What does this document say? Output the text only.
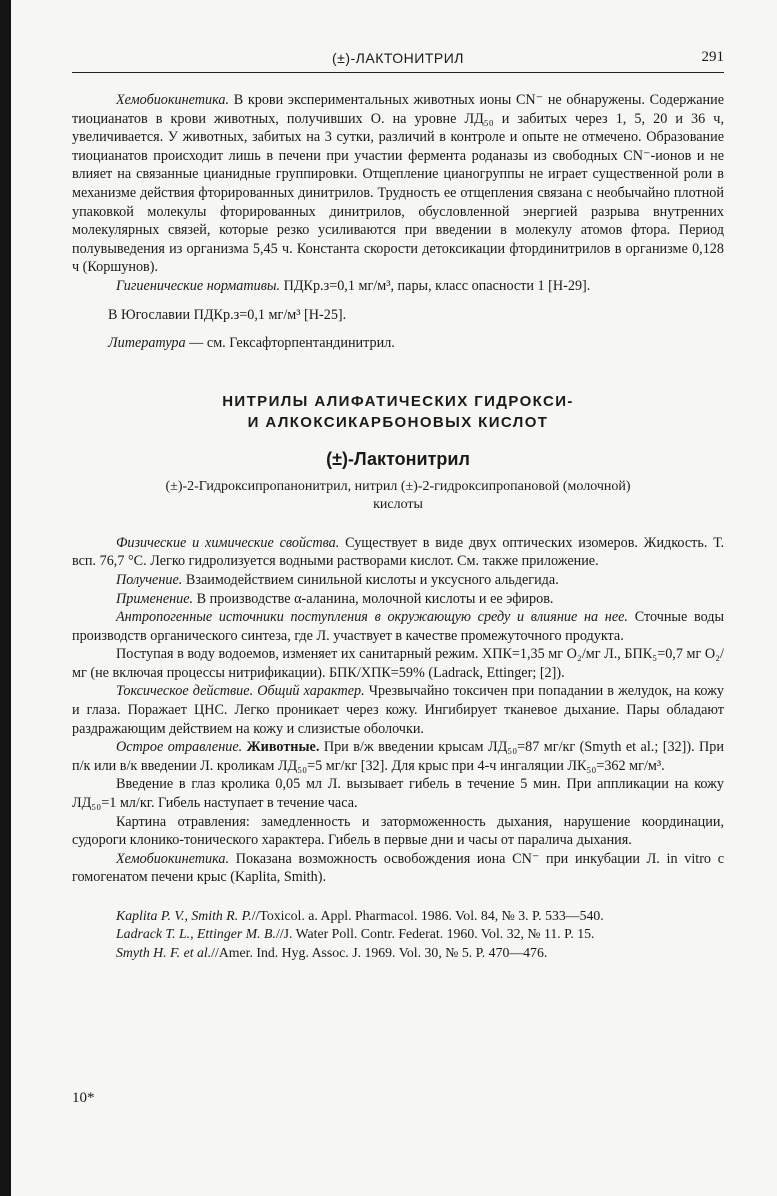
(±)-ЛАКТОНИТРИЛ	291

Хемобиокинетика. В крови экспериментальных животных ионы CN⁻ не обнаружены. Содержание тиоцианатов в крови животных, получивших О. на уровне ЛД₅₀ и забитых через 1, 5, 20 и 36 ч, увеличивается. У животных, забитых на 3 сутки, различий в контроле и опыте не отмечено. Образование тиоцианатов происходит лишь в печени при участии фермента роданазы из свободных CN⁻-ионов и не влияет на связанные цианидные группировки. Отщепление цианогруппы не играет существенной роли в механизме действия фторированных динитрилов. Трудность ее отщепления связана с необычайно плотной упаковкой молекулы фторированных динитрилов, обусловленной энергией разрыва внутренних молекулярных связей, которые резко усиливаются при введении в молекулу атомов фтора. Период полувыведения из организма 5,45 ч. Константа скорости детоксикации фтординитрилов в организме 0,128 ч (Коршунов).

Гигиенические нормативы. ПДКр.з=0,1 мг/м³, пары, класс опасности 1 [Н-29].

В Югославии ПДКр.з=0,1 мг/м³ [Н-25].

Литература — см. Гексафторпентандинитрил.

НИТРИЛЫ АЛИФАТИЧЕСКИХ ГИДРОКСИ-
И АЛКОКСИКАРБОНОВЫХ КИСЛОТ
(±)-Лактонитрил
(±)-2-Гидроксипропанонитрил, нитрил (±)-2-гидроксипропановой (молочной)
кислоты

Физические и химические свойства. Существует в виде двух оптических изомеров. Жидкость. Т. всп. 76,7 °С. Легко гидролизуется водными растворами кислот. См. также приложение.

Получение. Взаимодействием синильной кислоты и уксусного альдегида.

Применение. В производстве α-аланина, молочной кислоты и ее эфиров.

Антропогенные источники поступления в окружающую среду и влияние на нее. Сточные воды производств органического синтеза, где Л. участвует в качестве промежуточного продукта.

Поступая в воду водоемов, изменяет их санитарный режим. ХПК=1,35 мг O₂/мг Л., БПК₅=0,7 мг O₂/мг (не включая процессы нитрификации). БПК/ХПК=59% (Ladrack, Ettinger; [2]).

Токсическое действие. Общий характер. Чрезвычайно токсичен при попадании в желудок, на кожу и глаза. Поражает ЦНС. Легко проникает через кожу. Ингибирует тканевое дыхание. Пары обладают раздражающим действием на кожу и слизистые оболочки.

Острое отравление. Животные. При в/ж введении крысам ЛД₅₀=87 мг/кг (Smyth et al.; [32]). При п/к или в/к введении Л. кроликам ЛД₅₀=5 мг/кг [32]. Для крыс при 4-ч ингаляции ЛК₅₀=362 мг/м³.

Введение в глаз кролика 0,05 мл Л. вызывает гибель в течение 5 мин. При аппликации на кожу ЛД₅₀=1 мл/кг. Гибель наступает в течение часа.

Картина отравления: замедленность и заторможенность дыхания, нарушение координации, судороги клонико-тонического характера. Гибель в первые дни и часы от паралича дыхания.

Хемобиокинетика. Показана возможность освобождения иона CN⁻ при инкубации Л. in vitro с гомогенатом печени крыс (Kaplita, Smith).

Kaplita P. V., Smith R. P.//Toxicol. a. Appl. Pharmacol. 1986. Vol. 84, № 3. P. 533—540.

Ladrack T. L., Ettinger M. B.//J. Water Poll. Contr. Federat. 1960. Vol. 32, № 11. P. 15.

Smyth H. F. et al.//Amer. Ind. Hyg. Assoc. J. 1969. Vol. 30, № 5. P. 470—476.

10*
